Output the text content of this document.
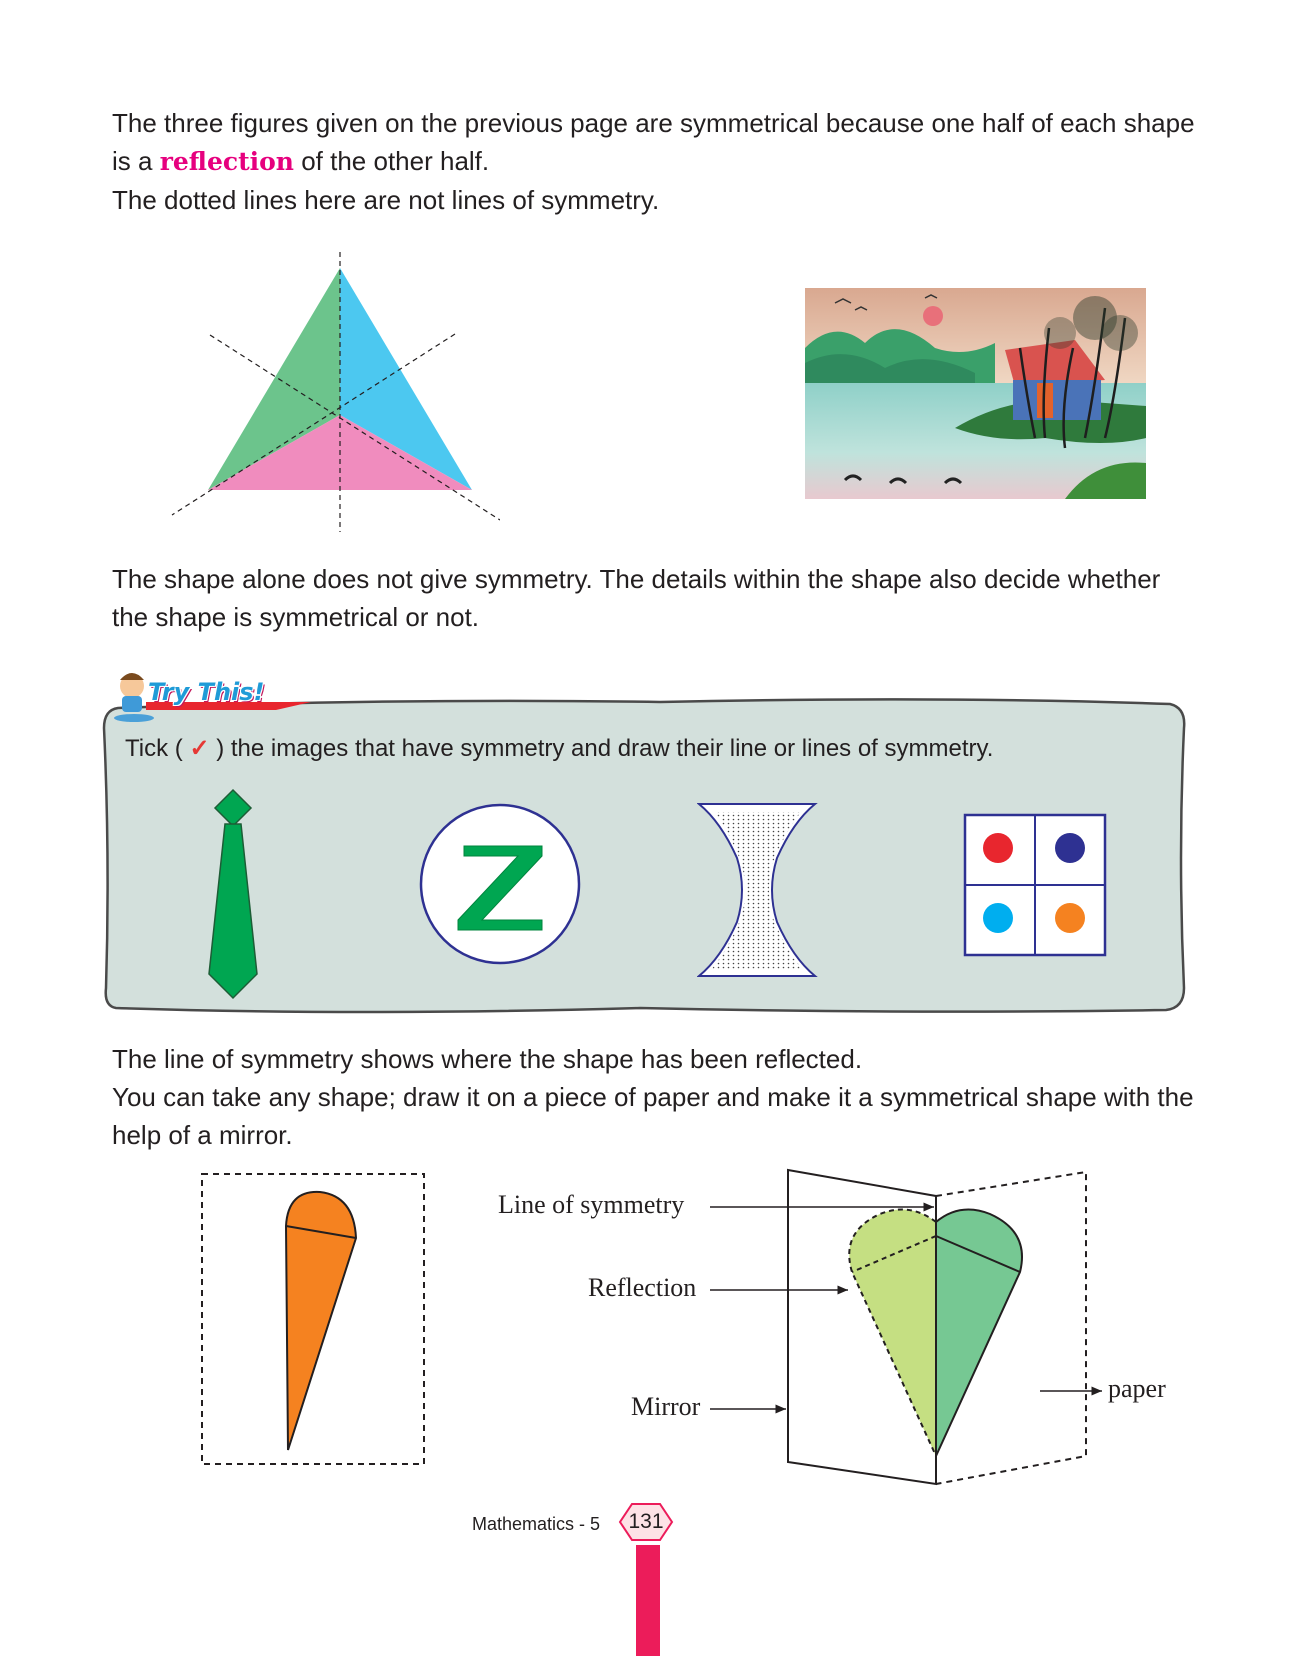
The three figures given on the previous page are symmetrical because one half of each shape
is a reflection of the other half.
The dotted lines here are not lines of symmetry.

The shape alone does not give symmetry. The details within the shape also decide whether the shape is symmetrical or not.

Try This!
Tick ( ✓ ) the images that have symmetry and draw their line or lines of symmetry.

The line of symmetry shows where the shape has been reflected.
You can take any shape; draw it on a piece of paper and make it a symmetrical shape with the help of a mirror.

Line of symmetry
Reflection
Mirror
paper
Mathematics - 5	131
